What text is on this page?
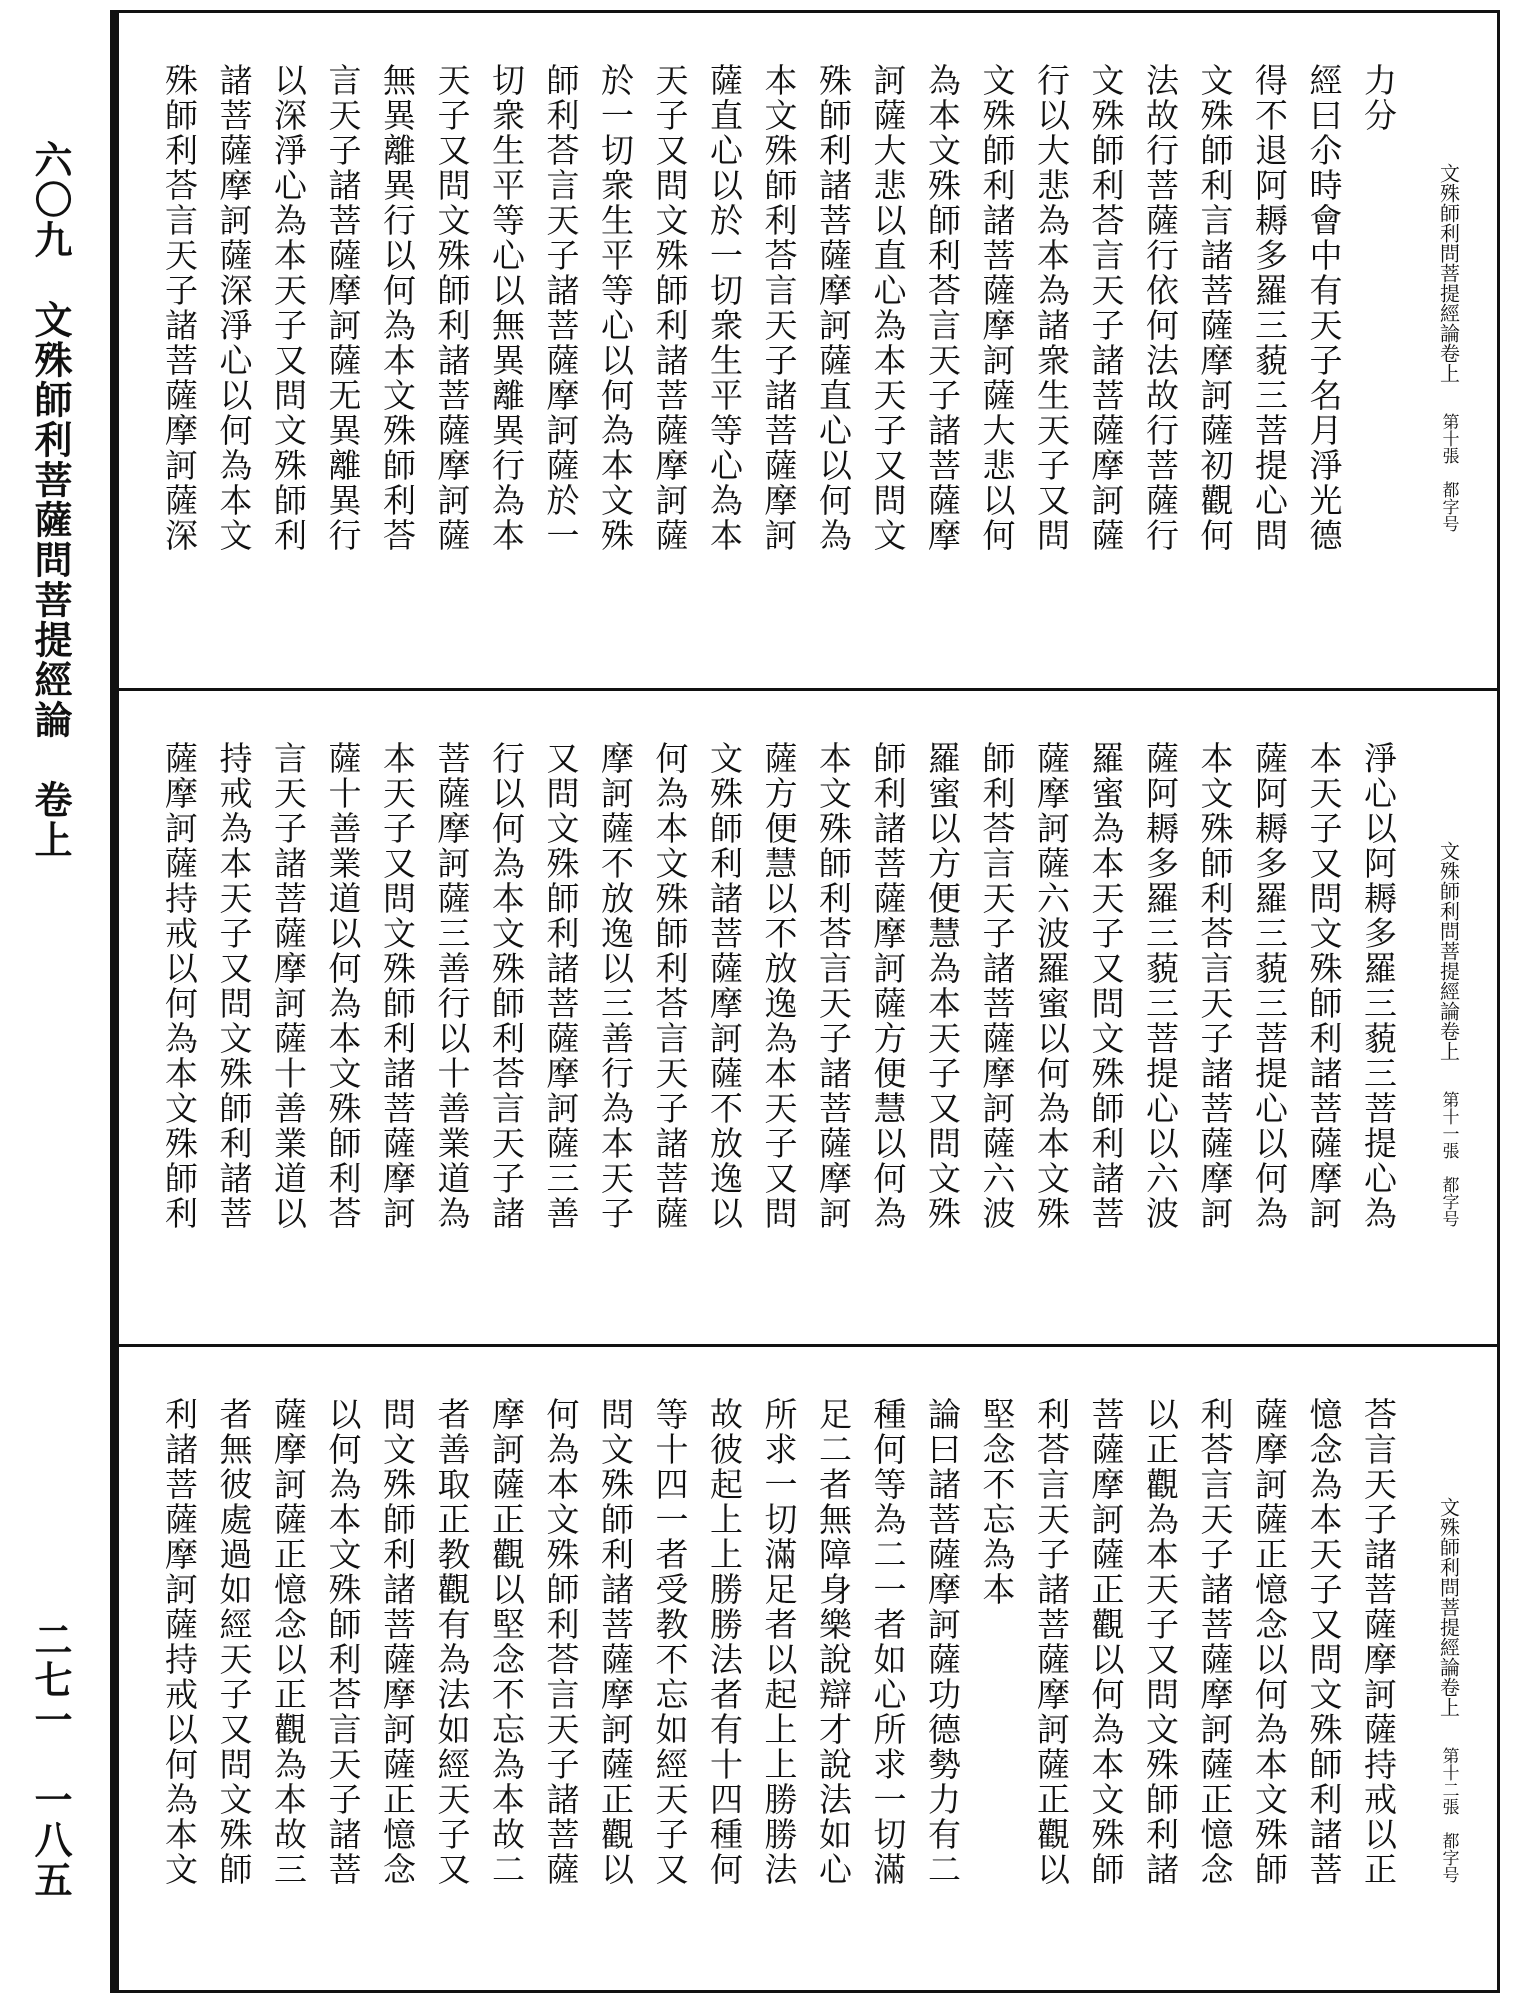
六〇九　文殊師利菩薩問菩提經論　卷上
二七一　一八五
文殊師利問菩提經論卷上
第十張　都字号
力分
經曰尒時會中有天子名月淨光德
得不退阿耨多羅三藐三菩提心問
文殊師利言諸菩薩摩訶薩初觀何
法故行菩薩行依何法故行菩薩行
文殊師利荅言天子諸菩薩摩訶薩
行以大悲為本為諸衆生天子又問
文殊師利諸菩薩摩訶薩大悲以何
為本文殊師利荅言天子諸菩薩摩
訶薩大悲以直心為本天子又問文
殊師利諸菩薩摩訶薩直心以何為
本文殊師利荅言天子諸菩薩摩訶
薩直心以於一切衆生平等心為本
天子又問文殊師利諸菩薩摩訶薩
於一切衆生平等心以何為本文殊
師利荅言天子諸菩薩摩訶薩於一
切衆生平等心以無異離異行為本
天子又問文殊師利諸菩薩摩訶薩
無異離異行以何為本文殊師利荅
言天子諸菩薩摩訶薩无異離異行
以深淨心為本天子又問文殊師利
諸菩薩摩訶薩深淨心以何為本文
殊師利荅言天子諸菩薩摩訶薩深
文殊師利問菩提經論卷上
第十一張　都字号
淨心以阿耨多羅三藐三菩提心為
本天子又問文殊師利諸菩薩摩訶
薩阿耨多羅三藐三菩提心以何為
本文殊師利荅言天子諸菩薩摩訶
薩阿耨多羅三藐三菩提心以六波
羅蜜為本天子又問文殊師利諸菩
薩摩訶薩六波羅蜜以何為本文殊
師利荅言天子諸菩薩摩訶薩六波
羅蜜以方便慧為本天子又問文殊
師利諸菩薩摩訶薩方便慧以何為
本文殊師利荅言天子諸菩薩摩訶
薩方便慧以不放逸為本天子又問
文殊師利諸菩薩摩訶薩不放逸以
何為本文殊師利荅言天子諸菩薩
摩訶薩不放逸以三善行為本天子
又問文殊師利諸菩薩摩訶薩三善
行以何為本文殊師利荅言天子諸
菩薩摩訶薩三善行以十善業道為
本天子又問文殊師利諸菩薩摩訶
薩十善業道以何為本文殊師利荅
言天子諸菩薩摩訶薩十善業道以
持戒為本天子又問文殊師利諸菩
薩摩訶薩持戒以何為本文殊師利
文殊師利問菩提經論卷上
第十二張　都字号
荅言天子諸菩薩摩訶薩持戒以正
憶念為本天子又問文殊師利諸菩
薩摩訶薩正憶念以何為本文殊師
利荅言天子諸菩薩摩訶薩正憶念
以正觀為本天子又問文殊師利諸
菩薩摩訶薩正觀以何為本文殊師
利荅言天子諸菩薩摩訶薩正觀以
堅念不忘為本
論曰諸菩薩摩訶薩功德勢力有二
種何等為二一者如心所求一切滿
足二者無障身樂說辯才說法如心
所求一切滿足者以起上上勝勝法
故彼起上上勝勝法者有十四種何
等十四一者受教不忘如經天子又
問文殊師利諸菩薩摩訶薩正觀以
何為本文殊師利荅言天子諸菩薩
摩訶薩正觀以堅念不忘為本故二
者善取正教觀有為法如經天子又
問文殊師利諸菩薩摩訶薩正憶念
以何為本文殊師利荅言天子諸菩
薩摩訶薩正憶念以正觀為本故三
者無彼處過如經天子又問文殊師
利諸菩薩摩訶薩持戒以何為本文
